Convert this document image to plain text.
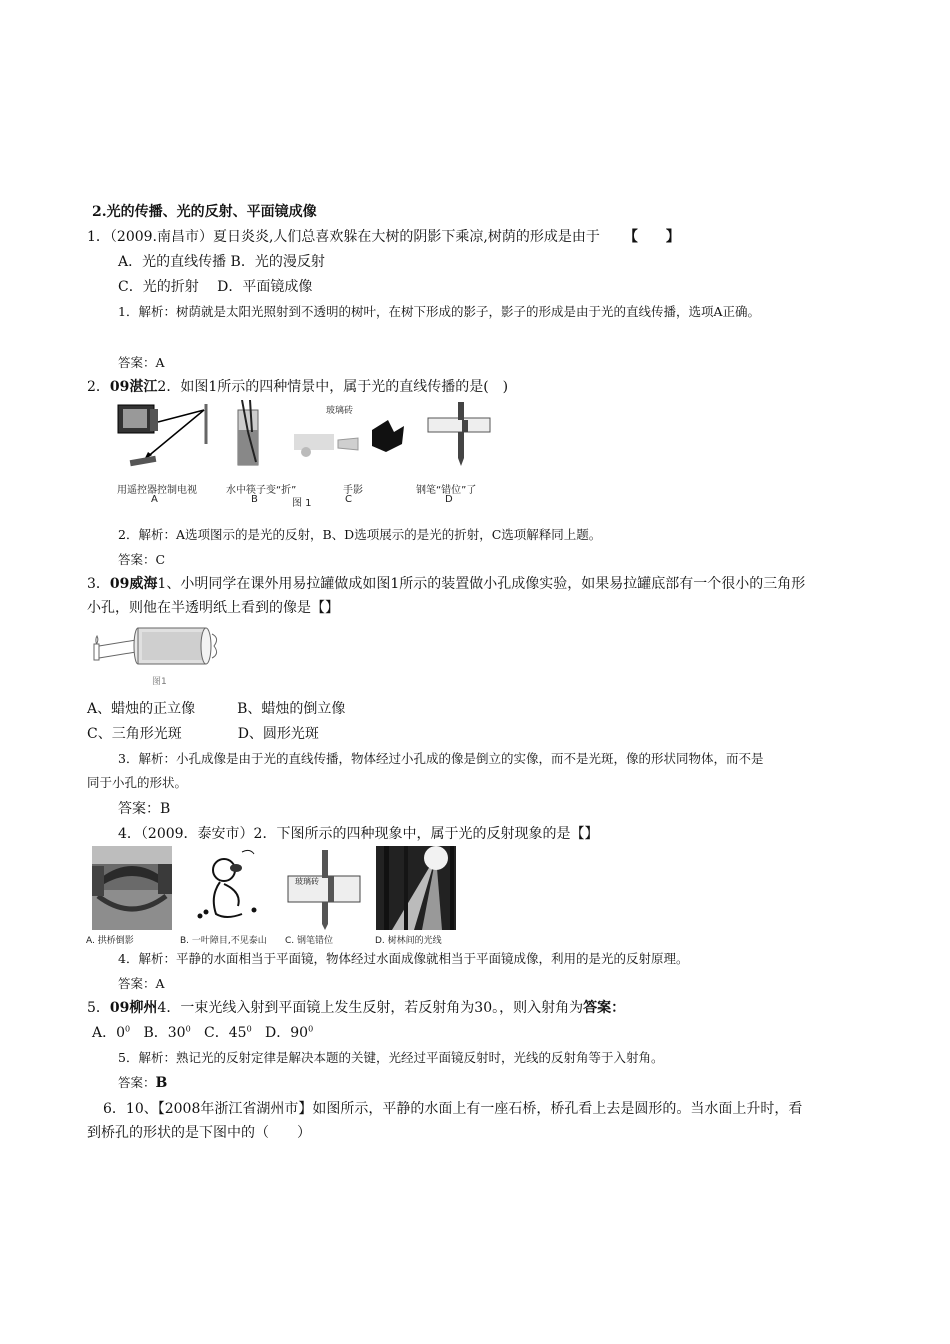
2.光的传播、光的反射、平面镜成像
1．（2009.南昌市）夏日炎炎,人们总喜欢躲在大树的阴影下乘凉,树荫的形成是由于 【　　】
A．光的直线传播 B．光的漫反射
C．光的折射　 D．平面镜成像
1．解析：树荫就是太阳光照射到不透明的树叶，在树下形成的影子，影子的形成是由于光的直线传播，选项A正确。
答案：A
2．09湛江2．如图1所示的四种情景中，属于光的直线传播的是(　)
玻璃砖
用遥控器控制电视	水中筷子变“折”
图 1
手影	钢笔“错位”了
A	B	C	D
2．解析：A选项图示的是光的反射，B、D选项展示的是光的折射，C选项解释同上题。
答案：C
3．09威海1、小明同学在课外用易拉罐做成如图1所示的装置做小孔成像实验，如果易拉罐底部有一个很小的三角形
小孔，则他在半透明纸上看到的像是【】
图1
A、蜡烛的正立像　　　B、蜡烛的倒立像
C、三角形光斑　　　　D、圆形光斑
3．解析：小孔成像是由于光的直线传播，物体经过小孔成的像是倒立的实像，而不是光斑，像的形状同物体，而不是
同于小孔的形状。
答案：B
4．（2009．泰安市）2．下图所示的四种现象中，属于光的反射现象的是【】
玻璃砖
A. 拱桥倒影	B. 一叶障目,不见泰山 C. 钢笔错位	D. 树林间的光线
4．解析：平静的水面相当于平面镜，物体经过水面成像就相当于平面镜成像，利用的是光的反射原理。
答案：A
5．09柳州4．一束光线入射到平面镜上发生反射，若反射角为30。，则入射角为答案：
A．$0^0$ B．$30^0$ C．$45^0$ D．$90^0$
5．解析：熟记光的反射定律是解决本题的关键，光经过平面镜反射时，光线的反射角等于入射角。
答案：B
6．10、【2008年浙江省湖州市】如图所示，平静的水面上有一座石桥，桥孔看上去是圆形的。当水面上升时，看
到桥孔的形状的是下图中的（　　）
